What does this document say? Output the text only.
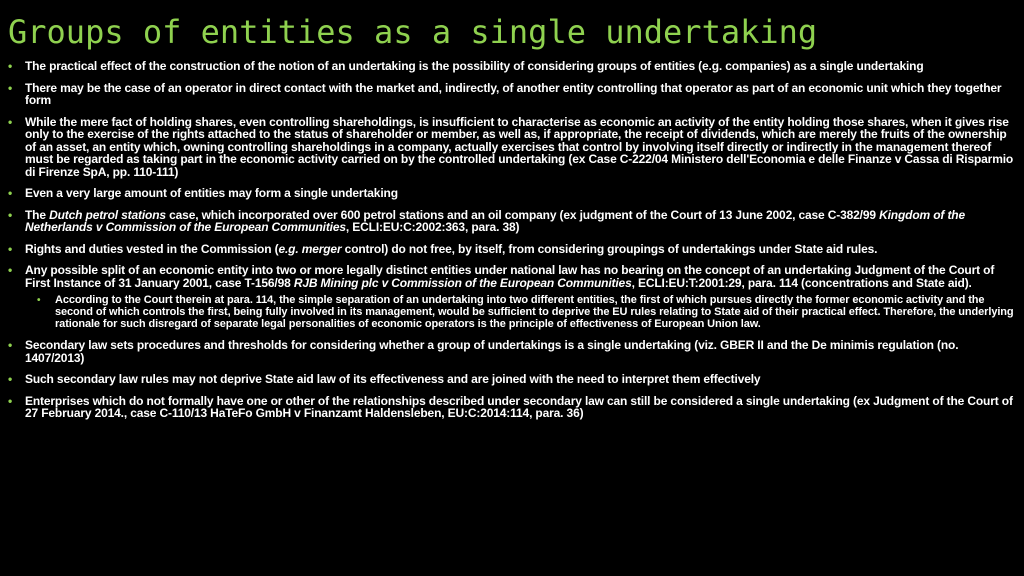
Groups of entities as a single undertaking
• The practical effect of the construction of the notion of an undertaking is the possibility of considering groups of entities (e.g. companies) as a single undertaking
• There may be the case of an operator in direct contact with the market and, indirectly, of another entity controlling that operator as part of an economic unit which they together form
• While the mere fact of holding shares, even controlling shareholdings, is insufficient to characterise as economic an activity of the entity holding those shares, when it gives rise only to the exercise of the rights attached to the status of shareholder or member, as well as, if appropriate, the receipt of dividends, which are merely the fruits of the ownership of an asset, an entity which, owning controlling shareholdings in a company, actually exercises that control by involving itself directly or indirectly in the management thereof must be regarded as taking part in the economic activity carried on by the controlled undertaking (ex Case C-222/04 Ministero dell'Economia e delle Finanze v Cassa di Risparmio di Firenze SpA, pp. 110-111)
• Even a very large amount of entities may form a single undertaking
• The Dutch petrol stations case, which incorporated over 600 petrol stations and an oil company (ex judgment of the Court of 13 June 2002, case C-382/99 Kingdom of the Netherlands v Commission of the European Communities, ECLI:EU:C:2002:363, para. 38)
• Rights and duties vested in the Commission (e.g. merger control) do not free, by itself, from considering groupings of undertakings under State aid rules.
• Any possible split of an economic entity into two or more legally distinct entities under national law has no bearing on the concept of an undertaking Judgment of the Court of First Instance of 31 January 2001, case T-156/98 RJB Mining plc v Commission of the European Communities, ECLI:EU:T:2001:29, para. 114 (concentrations and State aid).
• According to the Court therein at para. 114, the simple separation of an undertaking into two different entities, the first of which pursues directly the former economic activity and the second of which controls the first, being fully involved in its management, would be sufficient to deprive the EU rules relating to State aid of their practical effect. Therefore, the underlying rationale for such disregard of separate legal personalities of economic operators is the principle of effectiveness of European Union law.
• Secondary law sets procedures and thresholds for considering whether a group of undertakings is a single undertaking (viz. GBER II and the De minimis regulation (no. 1407/2013)
• Such secondary law rules may not deprive State aid law of its effectiveness and are joined with the need to interpret them effectively
• Enterprises which do not formally have one or other of the relationships described under secondary law can still be considered a single undertaking (ex Judgment of the Court of 27 February 2014., case C-110/13 HaTeFo GmbH v Finanzamt Haldensleben, EU:C:2014:114, para. 36)
